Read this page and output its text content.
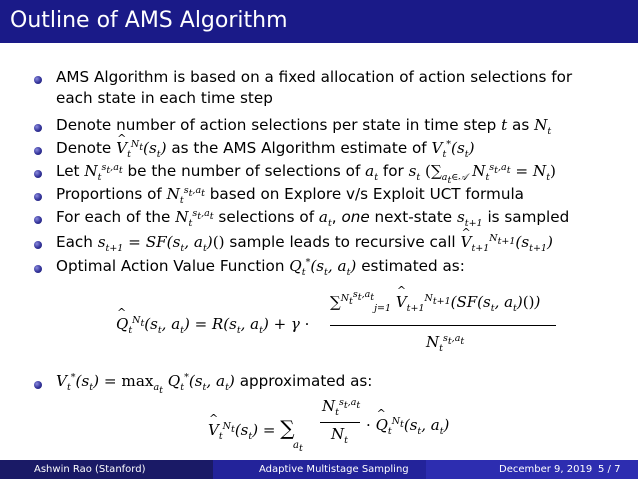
Outline of AMS Algorithm
AMS Algorithm is based on a fixed allocation of action selections for
each state in each time step
Denote number of action selections per state in time step t as $N_t$
Denote ^ $V_t^{N_t}(s_t)$ as the AMS Algorithm estimate of $V_t^*(s_t)$
Let $N_t^{s_t,a_t}$ be the number of selections of $a_t$ for $s_t$ ($\sum_{a_t\in 𝒜}$ $N_t^{s_t,a_t} = N_t$)
Proportions of $N_t^{s_t,a_t}$ based on Explore v/s Exploit UCT formula
For each of the $N_t^{s_t,a_t}$ selections of $a_t$, one next-state $s_{t+1}$ is sampled
Each $s_{t+1} = SF(s_t$, $a_t)()$ sample leads to recursive call ^ $V_{t+1}^{N_{t+1}}(s_{t+1})$
Optimal Action Value Function $Q_t^*(s_t$, $a_t$) estimated as:
^ $Q_t^{N_t}(s_t$, $a_t) = R(s_t$, $a_t) + \gamma$ ·
∑$^{N_t^{s_t,a_t}}_{j=1}$ ^ $V_{t+1}^{N_{t+1}}(SF(s_t$, $a_t)()$)
$N_t^{s_t,a_t}$
$V_t^*(s_t) = \max_{a_t} Q_t^*(s_t$, $a_t$) approximated as:
^ $V_t^{N_t}(s_t)$ = ∑
$a_t$
$N_t^{s_t,a_t}$
$N_t$
· ^ $Q_t^{N_t}(s_t$, $a_t$)
Ashwin Rao (Stanford)	Adaptive Multistage Sampling	December 9, 2019 5 / 7
